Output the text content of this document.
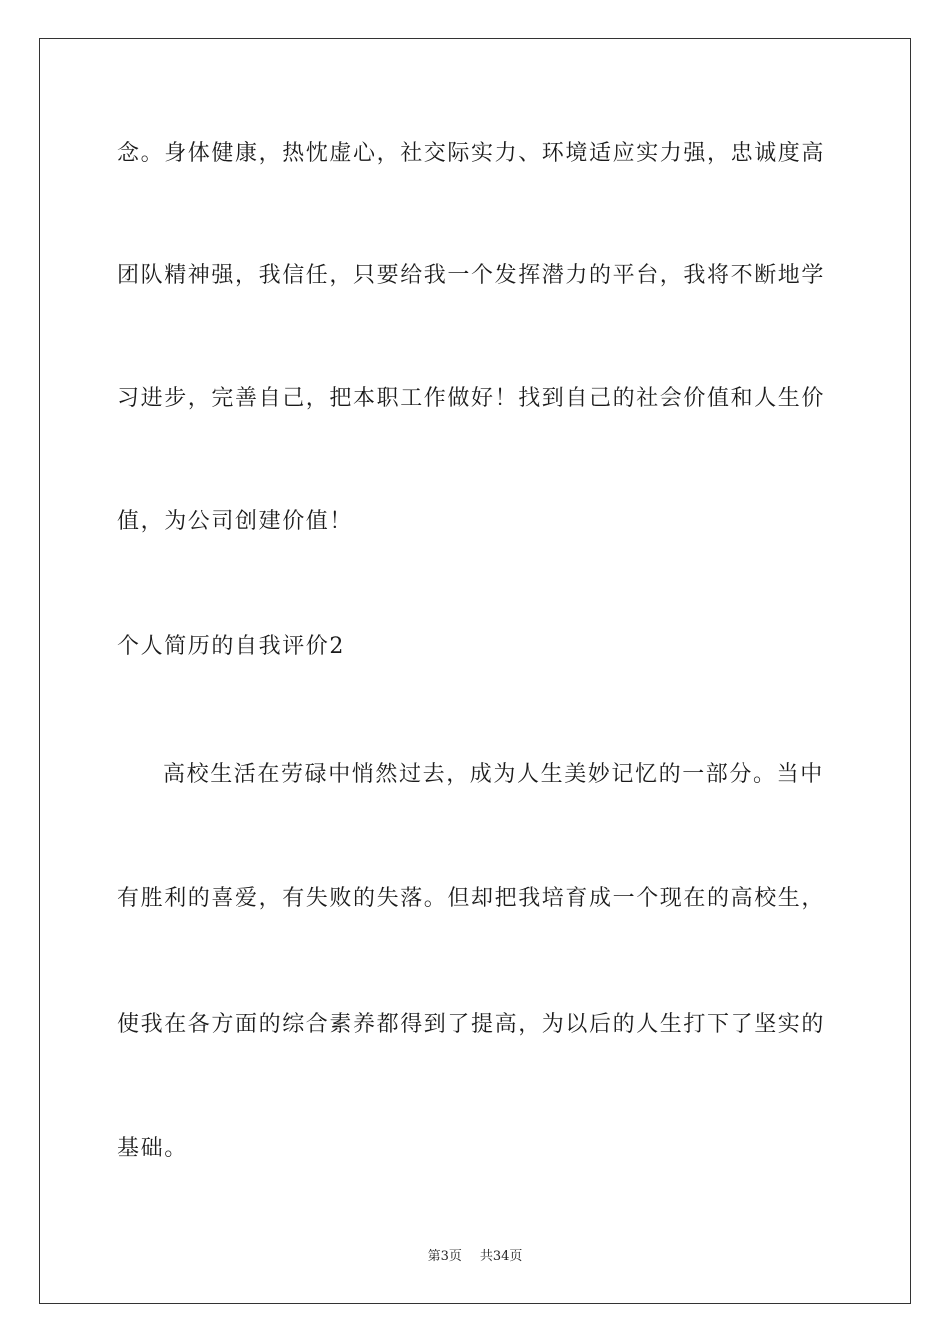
念。身体健康，热忱虚心，社交际实力、环境适应实力强，忠诚度高
团队精神强，我信任，只要给我一个发挥潜力的平台，我将不断地学
习进步，完善自己，把本职工作做好！找到自己的社会价值和人生价
值，为公司创建价值！
个人简历的自我评价2
高校生活在劳碌中悄然过去，成为人生美妙记忆的一部分。当中
有胜利的喜爱，有失败的失落。但却把我培育成一个现在的高校生，
使我在各方面的综合素养都得到了提高，为以后的人生打下了坚实的
基础。
第3页 共34页
